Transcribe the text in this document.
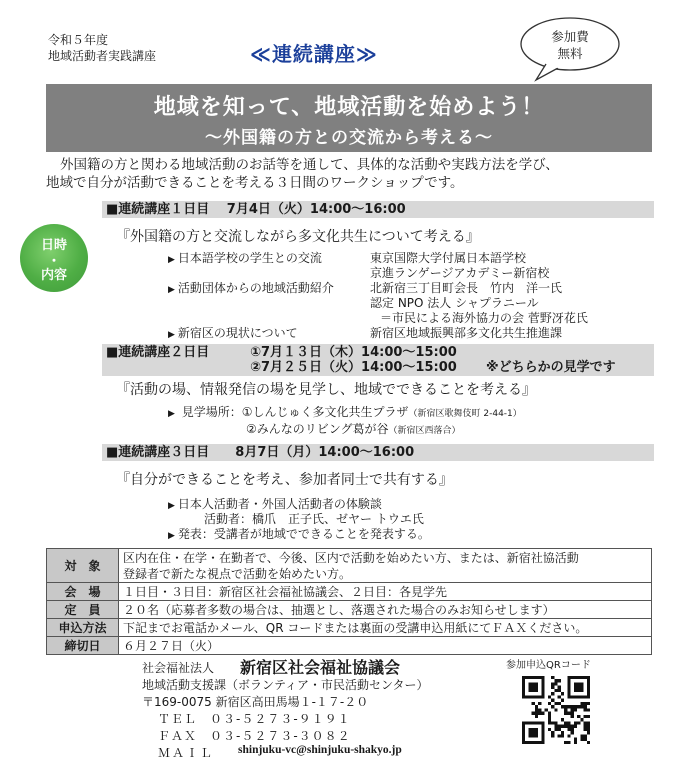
令和５年度
地域活動者実践講座	≪連続講座≫
参加費
無料
地域を知って、地域活動を始めよう！
～外国籍の方との交流から考える～
外国籍の方と関わる地域活動のお話等を通して、具体的な活動や実践方法を学び、
地域で自分が活動できることを考える３日間のワークショップです。
日時
・
内容
■連続講座１日目　 7月4日（火）14:00～16:00
『外国籍の方と交流しながら多文化共生について考える』
▶ 日本語学校の学生との交流	東京国際大学付属日本語学校
京進ランゲージアカデミー新宿校
▶ 活動団体からの地域活動紹介	北新宿三丁目町会長　竹内　洋一氏
認定 NPO 法人 シャプラニール
＝市民による海外協力の会 菅野冴花氏
▶ 新宿区の現状について	新宿区地域振興部多文化共生推進課
■連続講座２日目	①7月１３日（木）14:00～15:00
②7月２５日（火）14:00～15:00 ※どちらかの見学です
『活動の場、情報発信の場を見学し、地域でできることを考える』
▶ 見学場所：①しんじゅく多文化共生プラザ（新宿区歌舞伎町 2-44-1）
②みんなのリビング葛が谷（新宿区西落合）
■連続講座３日目　　8月7日（月）14:00～16:00
『自分ができることを考え、参加者同士で共有する』
▶ 日本人活動者・外国人活動者の体験談
活動者：橋爪　正子氏、ゼヤー トウエ氏
▶ 発表：受講者が地域でできることを発表する。
対　象	区内在住・在学・在勤者で、今後、区内で活動を始めたい方、または、新宿社協活動
登録者で新たな視点で活動を始めたい方。

会　場	１日目・３日目：新宿区社会福祉協議会、２日目：各見学先
定　員	２０名（応募者多数の場合は、抽選とし、落選された場合のみお知らせします）
申込方法	下記までお電話かメール、QR コードまたは裏面の受講申込用紙にてＦＡＸください。
締切日	６月２７日（火）
社会福祉法人 新宿区社会福祉協議会
地域活動支援課（ボランティア・市民活動センター）
〒169-0075 新宿区高田馬場１-１７-２０
ＴＥＬ　０３-５２７３-９１９１
ＦＡＸ　０３-５２７３-３０８２
ＭＡＩＬ shinjuku-vc@shinjuku-shakyo.jp
参加申込QRコード
